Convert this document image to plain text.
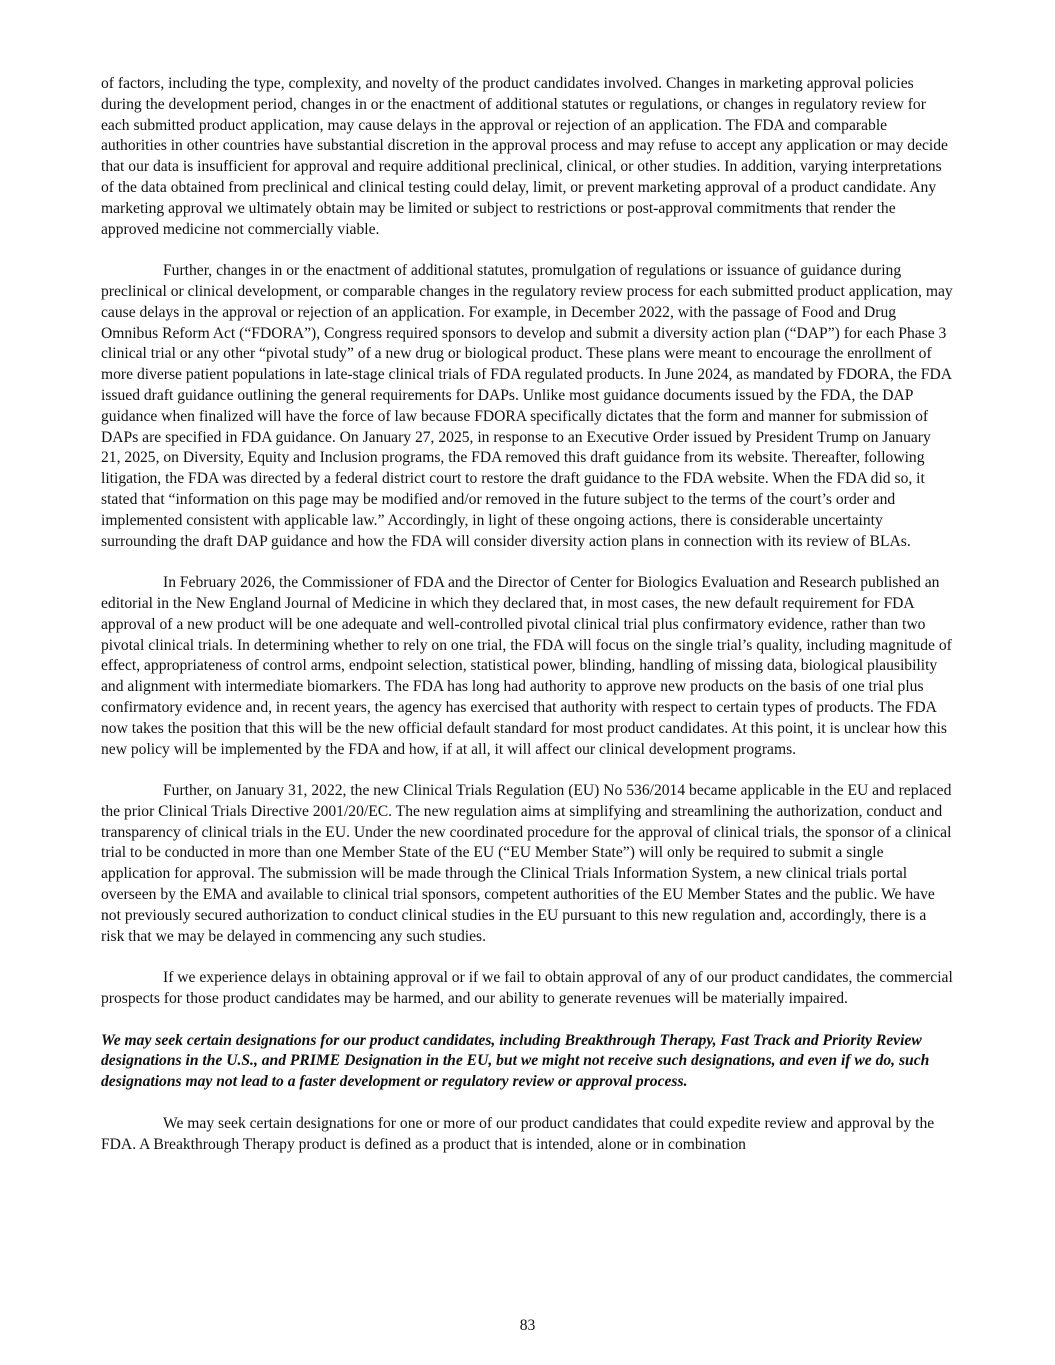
of factors, including the type, complexity, and novelty of the product candidates involved. Changes in marketing approval policies during the development period, changes in or the enactment of additional statutes or regulations, or changes in regulatory review for each submitted product application, may cause delays in the approval or rejection of an application. The FDA and comparable authorities in other countries have substantial discretion in the approval process and may refuse to accept any application or may decide that our data is insufficient for approval and require additional preclinical, clinical, or other studies. In addition, varying interpretations of the data obtained from preclinical and clinical testing could delay, limit, or prevent marketing approval of a product candidate. Any marketing approval we ultimately obtain may be limited or subject to restrictions or post-approval commitments that render the approved medicine not commercially viable.

Further, changes in or the enactment of additional statutes, promulgation of regulations or issuance of guidance during preclinical or clinical development, or comparable changes in the regulatory review process for each submitted product application, may cause delays in the approval or rejection of an application. For example, in December 2022, with the passage of Food and Drug Omnibus Reform Act (“FDORA”), Congress required sponsors to develop and submit a diversity action plan (“DAP”) for each Phase 3 clinical trial or any other “pivotal study” of a new drug or biological product. These plans were meant to encourage the enrollment of more diverse patient populations in late-stage clinical trials of FDA regulated products. In June 2024, as mandated by FDORA, the FDA issued draft guidance outlining the general requirements for DAPs. Unlike most guidance documents issued by the FDA, the DAP guidance when finalized will have the force of law because FDORA specifically dictates that the form and manner for submission of DAPs are specified in FDA guidance. On January 27, 2025, in response to an Executive Order issued by President Trump on January 21, 2025, on Diversity, Equity and Inclusion programs, the FDA removed this draft guidance from its website. Thereafter, following litigation, the FDA was directed by a federal district court to restore the draft guidance to the FDA website. When the FDA did so, it stated that “information on this page may be modified and/or removed in the future subject to the terms of the court’s order and implemented consistent with applicable law.” Accordingly, in light of these ongoing actions, there is considerable uncertainty surrounding the draft DAP guidance and how the FDA will consider diversity action plans in connection with its review of BLAs.

In February 2026, the Commissioner of FDA and the Director of Center for Biologics Evaluation and Research published an editorial in the New England Journal of Medicine in which they declared that, in most cases, the new default requirement for FDA approval of a new product will be one adequate and well-controlled pivotal clinical trial plus confirmatory evidence, rather than two pivotal clinical trials. In determining whether to rely on one trial, the FDA will focus on the single trial’s quality, including magnitude of effect, appropriateness of control arms, endpoint selection, statistical power, blinding, handling of missing data, biological plausibility and alignment with intermediate biomarkers. The FDA has long had authority to approve new products on the basis of one trial plus confirmatory evidence and, in recent years, the agency has exercised that authority with respect to certain types of products. The FDA now takes the position that this will be the new official default standard for most product candidates. At this point, it is unclear how this new policy will be implemented by the FDA and how, if at all, it will affect our clinical development programs.

Further, on January 31, 2022, the new Clinical Trials Regulation (EU) No 536/2014 became applicable in the EU and replaced the prior Clinical Trials Directive 2001/20/EC. The new regulation aims at simplifying and streamlining the authorization, conduct and transparency of clinical trials in the EU. Under the new coordinated procedure for the approval of clinical trials, the sponsor of a clinical trial to be conducted in more than one Member State of the EU (“EU Member State”) will only be required to submit a single application for approval. The submission will be made through the Clinical Trials Information System, a new clinical trials portal overseen by the EMA and available to clinical trial sponsors, competent authorities of the EU Member States and the public. We have not previously secured authorization to conduct clinical studies in the EU pursuant to this new regulation and, accordingly, there is a risk that we may be delayed in commencing any such studies.

If we experience delays in obtaining approval or if we fail to obtain approval of any of our product candidates, the commercial prospects for those product candidates may be harmed, and our ability to generate revenues will be materially impaired.

We may seek certain designations for our product candidates, including Breakthrough Therapy, Fast Track and Priority Review designations in the U.S., and PRIME Designation in the EU, but we might not receive such designations, and even if we do, such designations may not lead to a faster development or regulatory review or approval process.

We may seek certain designations for one or more of our product candidates that could expedite review and approval by the FDA. A Breakthrough Therapy product is defined as a product that is intended, alone or in combination

83
